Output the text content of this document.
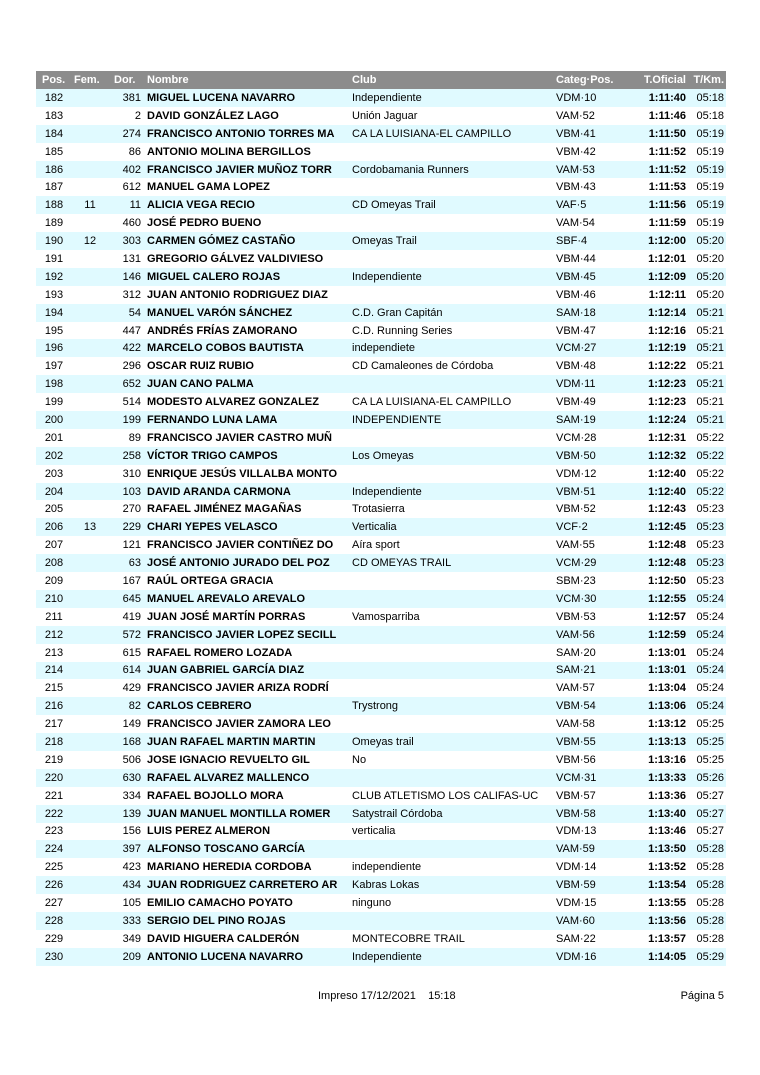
Pos.	Fem.	Dor.	Nombre	Club	Categ·Pos.	T.Oficial	T/Km.
182		381	MIGUEL LUCENA NAVARRO	Independiente	VDM·10	1:11:40	05:18
183		2	DAVID GONZÁLEZ LAGO	Unión Jaguar	VAM·52	1:11:46	05:18
184		274	FRANCISCO ANTONIO TORRES MA	CA LA LUISIANA-EL CAMPILLO	VBM·41	1:11:50	05:19
185		86	ANTONIO MOLINA BERGILLOS		VBM·42	1:11:52	05:19
186		402	FRANCISCO JAVIER MUÑOZ TORR	Cordobamania Runners	VAM·53	1:11:52	05:19
187		612	MANUEL GAMA LOPEZ		VBM·43	1:11:53	05:19
188	11	11	ALICIA VEGA RECIO	CD Omeyas Trail	VAF·5	1:11:56	05:19
189		460	JOSÉ PEDRO BUENO		VAM·54	1:11:59	05:19
190	12	303	CARMEN GÓMEZ CASTAÑO	Omeyas Trail	SBF·4	1:12:00	05:20
191		131	GREGORIO GÁLVEZ VALDIVIESO		VBM·44	1:12:01	05:20
192		146	MIGUEL CALERO ROJAS	Independiente	VBM·45	1:12:09	05:20
193		312	JUAN ANTONIO RODRIGUEZ DIAZ		VBM·46	1:12:11	05:20
194		54	MANUEL VARÓN SÁNCHEZ	C.D. Gran Capitán	SAM·18	1:12:14	05:21
195		447	ANDRÉS FRÍAS ZAMORANO	C.D. Running Series	VBM·47	1:12:16	05:21
196		422	MARCELO COBOS BAUTISTA	independiete	VCM·27	1:12:19	05:21
197		296	OSCAR RUIZ RUBIO	CD Camaleones de Córdoba	VBM·48	1:12:22	05:21
198		652	JUAN CANO PALMA		VDM·11	1:12:23	05:21
199		514	MODESTO ALVAREZ GONZALEZ	CA LA LUISIANA-EL CAMPILLO	VBM·49	1:12:23	05:21
200		199	FERNANDO LUNA LAMA	INDEPENDIENTE	SAM·19	1:12:24	05:21
201		89	FRANCISCO JAVIER CASTRO MUÑ		VCM·28	1:12:31	05:22
202		258	VÍCTOR TRIGO CAMPOS	Los Omeyas	VBM·50	1:12:32	05:22
203		310	ENRIQUE JESÚS VILLALBA MONTO		VDM·12	1:12:40	05:22
204		103	DAVID ARANDA CARMONA	Independiente	VBM·51	1:12:40	05:22
205		270	RAFAEL JIMÉNEZ MAGAÑAS	Trotasierra	VBM·52	1:12:43	05:23
206	13	229	CHARI YEPES VELASCO	Verticalia	VCF·2	1:12:45	05:23
207		121	FRANCISCO JAVIER CONTIÑEZ DO	Aíra sport	VAM·55	1:12:48	05:23
208		63	JOSÉ ANTONIO JURADO DEL POZ	CD OMEYAS TRAIL	VCM·29	1:12:48	05:23
209		167	RAÚL ORTEGA GRACIA		SBM·23	1:12:50	05:23
210		645	MANUEL AREVALO AREVALO		VCM·30	1:12:55	05:24
211		419	JUAN JOSÉ MARTÍN PORRAS	Vamosparriba	VBM·53	1:12:57	05:24
212		572	FRANCISCO JAVIER LOPEZ SECILL		VAM·56	1:12:59	05:24
213		615	RAFAEL ROMERO LOZADA		SAM·20	1:13:01	05:24
214		614	JUAN GABRIEL GARCÍA DIAZ		SAM·21	1:13:01	05:24
215		429	FRANCISCO JAVIER ARIZA RODRÍ		VAM·57	1:13:04	05:24
216		82	CARLOS CEBRERO	Trystrong	VBM·54	1:13:06	05:24
217		149	FRANCISCO JAVIER ZAMORA LEO		VAM·58	1:13:12	05:25
218		168	JUAN RAFAEL MARTIN MARTIN	Omeyas trail	VBM·55	1:13:13	05:25
219		506	JOSE IGNACIO REVUELTO GIL	No	VBM·56	1:13:16	05:25
220		630	RAFAEL ALVAREZ MALLENCO		VCM·31	1:13:33	05:26
221		334	RAFAEL BOJOLLO MORA	CLUB ATLETISMO LOS CALIFAS-UC	VBM·57	1:13:36	05:27
222		139	JUAN MANUEL MONTILLA ROMER	Satystrail Córdoba	VBM·58	1:13:40	05:27
223		156	LUIS PEREZ ALMERON	verticalia	VDM·13	1:13:46	05:27
224		397	ALFONSO TOSCANO GARCÍA		VAM·59	1:13:50	05:28
225		423	MARIANO HEREDIA CORDOBA	independiente	VDM·14	1:13:52	05:28
226		434	JUAN RODRIGUEZ CARRETERO AR	Kabras Lokas	VBM·59	1:13:54	05:28
227		105	EMILIO CAMACHO POYATO	ninguno	VDM·15	1:13:55	05:28
228		333	SERGIO DEL PINO ROJAS		VAM·60	1:13:56	05:28
229		349	DAVID HIGUERA CALDERÓN	MONTECOBRE TRAIL	SAM·22	1:13:57	05:28
230		209	ANTONIO LUCENA NAVARRO	Independiente	VDM·16	1:14:05	05:29
Impreso 17/12/2021    15:18	Página 5
